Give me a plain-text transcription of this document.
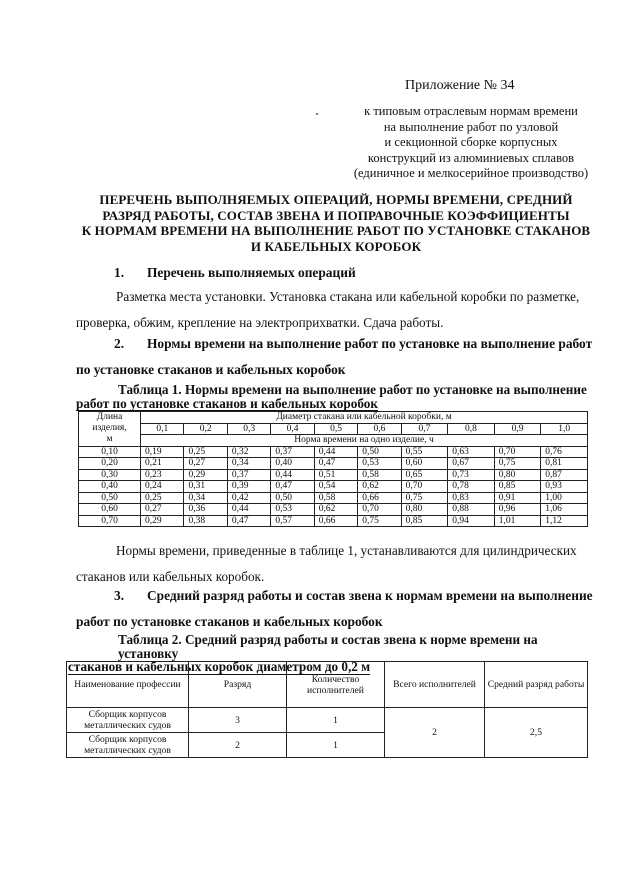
Приложение № 34
к типовым отраслевым нормам времени
на выполнение работ по узловой
и секционной сборке корпусных
конструкций из алюминиевых сплавов
(единичное и мелкосерийное производство)
ПЕРЕЧЕНЬ ВЫПОЛНЯЕМЫХ ОПЕРАЦИЙ, НОРМЫ ВРЕМЕНИ, СРЕДНИЙ
РАЗРЯД РАБОТЫ, СОСТАВ ЗВЕНА И ПОПРАВОЧНЫЕ КОЭФФИЦИЕНТЫ
К НОРМАМ ВРЕМЕНИ НА ВЫПОЛНЕНИЕ РАБОТ ПО УСТАНОВКЕ СТАКАНОВ
И КАБЕЛЬНЫХ КОРОБОК
1. Перечень выполняемых операций
Разметка места установки. Установка стакана или кабельной коробки по разметке,
проверка, обжим, крепление на электроприхватки. Сдача работы.
2. Нормы времени на выполнение работ по установке на выполнение работ
по установке стаканов и кабельных коробок
Таблица 1. Нормы времени на выполнение работ по установке на выполнение
работ по установке стаканов и кабельных коробок
Длина
изделия,
м	Диаметр стакана или кабельной коробки, м									
	0,1	0,2	0,3	0,4	0,5	0,6	0,7	0,8	0,9	1,0
	Норма времени на одно изделие, ч									
0,10	0,19	0,25	0,32	0,37	0,44	0,50	0,55	0,63	0,70	0,76
0,20	0,21	0,27	0,34	0,40	0,47	0,53	0,60	0,67	0,75	0,81
0,30	0,23	0,29	0,37	0,44	0,51	0,58	0,65	0,73	0,80	0,87
0,40	0,24	0,31	0,39	0,47	0,54	0,62	0,70	0,78	0,85	0,93
0,50	0,25	0,34	0,42	0,50	0,58	0,66	0,75	0,83	0,91	1,00
0,60	0,27	0,36	0,44	0,53	0,62	0,70	0,80	0,88	0,96	1,06
0,70	0,29	0,38	0,47	0,57	0,66	0,75	0,85	0,94	1,01	1,12
Нормы времени, приведенные в таблице 1, устанавливаются для цилиндрических
стаканов или кабельных коробок.
3. Средний разряд работы и состав звена к нормам времени на выполнение
работ по установке стаканов и кабельных коробок
Таблица 2. Средний разряд работы и состав звена к норме времени на установку
стаканов и кабельных коробок диаметром до 0,2 м
Наименование профессии	Разряд	Количество исполнителей	Всего исполнителей	Средний разряд работы
Сборщик корпусов металлических судов	3	1	2	2,5
Сборщик корпусов металлических судов	2	1		
